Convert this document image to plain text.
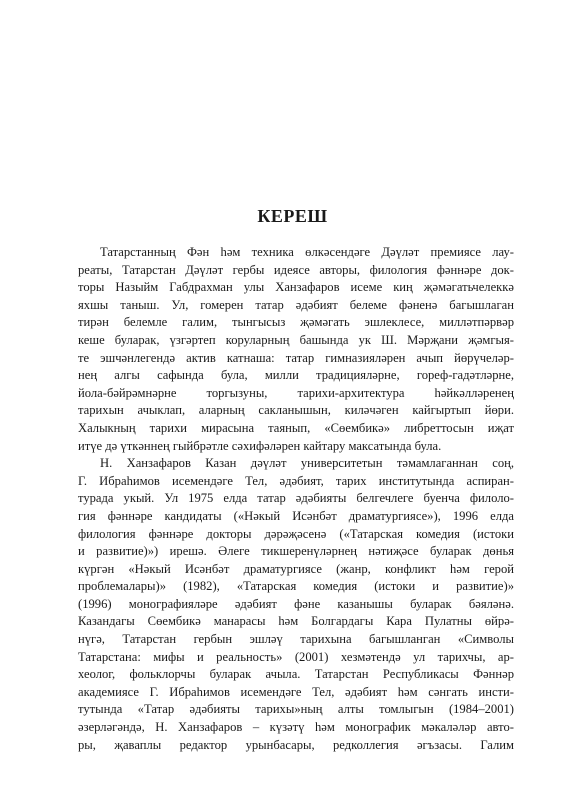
КЕРЕШ
Татарстанның Фән һәм техника өлкәсендәге Дәүләт премиясе лау-
реаты, Татарстан Дәүләт гербы идеясе авторы, филология фәннәре док-
торы Назыйм Габдрахман улы Ханзафаров исеме киң җәмәгатьчелеккә
яхшы таныш. Ул, гомерен татар әдәбият белеме фәненә багышлаган
тирән белемле галим, тынгысыз җәмәгать эшлеклесе, милләтпәрвәр
кеше буларак, үзгәртеп коруларның башында ук Ш. Мәрҗани җәмгыя-
те эшчәнлегендә актив катнаша: татар гимназияләрен ачып йөрүчеләр-
нең алгы сафында була, милли традицияләрне, гореф-гадәтләрне,
йола-бәйрәмнәрне торгызуны, тарихи-архитектура һәйкәлләренең
тарихын ачыклап, аларның сакланышын, киләчәген кайгыртып йөри.
Халыкның тарихи мирасына таянып, «Сөембикә» либреттосын иҗат
итүе дә үткәннең гыйбрәтле сәхифәләрен кайтару максатында була.
Н. Ханзафаров Казан дәүләт университетын тәмамлаганнан соң,
Г. Ибраһимов исемендәге Тел, әдәбият, тарих институтында аспиран-
турада укый. Ул 1975 елда татар әдәбияты белгечлеге буенча филоло-
гия фәннәре кандидаты («Нәкый Исәнбәт драматургиясе»), 1996 елда
филология фәннәре докторы дәрәҗәсенә («Татарская комедия (истоки
и развитие)») ирешә. Әлеге тикшеренүләрнең нәтиҗәсе буларак дөнья
күргән «Нәкый Исәнбәт драматургиясе (жанр, конфликт һәм герой
проблемалары)» (1982), «Татарская комедия (истоки и развитие)»
(1996) монографияләре әдәбият фәне казанышы буларак бәяләнә.
Казандагы Сөембикә манарасы һәм Болгардагы Кара Пулатны өйрә-
нүгә, Татарстан гербын эшләү тарихына багышланган «Символы
Татарстана: мифы и реальность» (2001) хезмәтендә ул тарихчы, ар-
хеолог, фольклорчы буларак ачыла. Татарстан Республикасы Фәннәр
академиясе Г. Ибраһимов исемендәге Тел, әдәбият һәм сәнгать инсти-
тутында «Татар әдәбияты тарихы»ның алты томлыгын (1984–2001)
әзерләгәндә, Н. Ханзафаров – күзәтү һәм монографик мәкаләләр авто-
ры, җаваплы редактор урынбасары, редколлегия әгъзасы. Галим
